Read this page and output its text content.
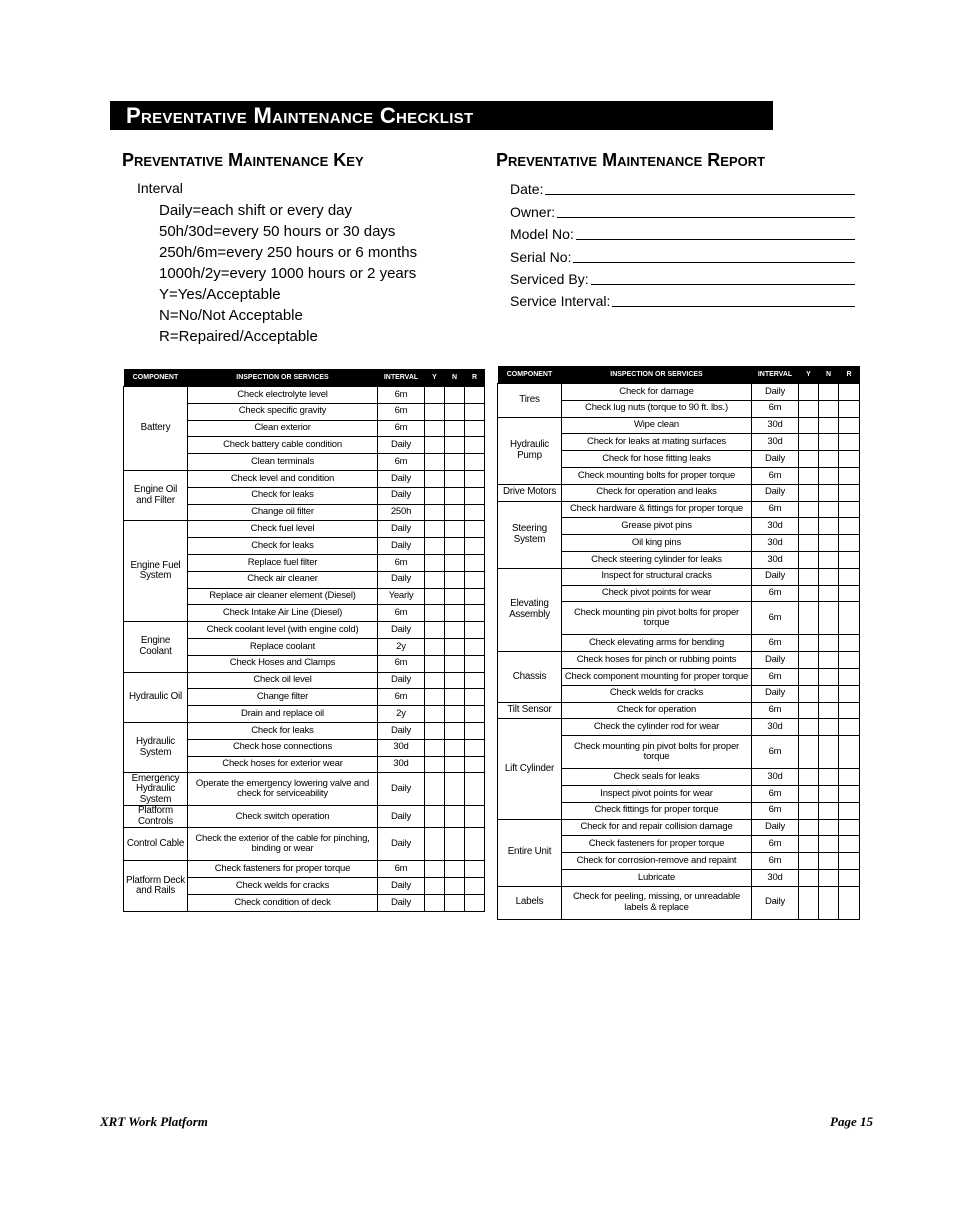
Preventative Maintenance Checklist
Preventative Maintenance Key
Interval
Daily=each shift or every day
50h/30d=every 50 hours or 30 days
250h/6m=every 250 hours or 6 months
1000h/2y=every 1000 hours or 2 years
Y=Yes/Acceptable
N=No/Not Acceptable
R=Repaired/Acceptable
Preventative Maintenance Report
Date:
Owner:
Model No:
Serial No:
Serviced By:
Service Interval:
COMPONENT	INSPECTION OR SERVICES	INTERVAL	Y	N	R
Battery	Check electrolyte level	6m			
	Check specific gravity	6m			
	Clean exterior	6m			
	Check battery cable condition	Daily			
	Clean terminals	6m			
Engine Oil and Filter	Check level and condition	Daily			
	Check for leaks	Daily			
	Change oil filter	250h			
Engine Fuel System	Check fuel level	Daily			
	Check for leaks	Daily			
	Replace fuel filter	6m			
	Check air cleaner	Daily			
	Replace air cleaner element (Diesel)	Yearly			
	Check Intake Air Line (Diesel)	6m			
Engine Coolant	Check coolant level (with engine cold)	Daily			
	Replace coolant	2y			
	Check Hoses and Clamps	6m			
Hydraulic Oil	Check oil level	Daily			
	Change filter	6m			
	Drain and replace oil	2y			
Hydraulic System	Check for leaks	Daily			
	Check hose connections	30d			
	Check hoses for exterior wear	30d			
Emergency Hydraulic System	Operate the emergency lowering valve and check for serviceability	Daily			
Platform Controls	Check switch operation	Daily			
Control Cable	Check the exterior of the cable for pinching, binding or wear	Daily			
Platform Deck and Rails	Check fasteners for proper torque	6m			
	Check welds for cracks	Daily			
	Check condition of deck	Daily			
COMPONENT	INSPECTION OR SERVICES	INTERVAL	Y	N	R
Tires	Check for damage	Daily			
	Check lug nuts (torque to 90 ft. lbs.)	6m			
Hydraulic Pump	Wipe clean	30d			
	Check for leaks at mating surfaces	30d			
	Check for hose fitting leaks	Daily			
	Check mounting bolts for proper torque	6m			
Drive Motors	Check for operation and leaks	Daily			
Steering System	Check hardware & fittings for proper torque	6m			
	Grease pivot pins	30d			
	Oil king pins	30d			
	Check steering cylinder for leaks	30d			
Elevating Assembly	Inspect for structural cracks	Daily			
	Check pivot points for wear	6m			
	Check mounting pin pivot bolts for proper torque	6m			
	Check elevating arms for bending	6m			
Chassis	Check hoses for pinch or rubbing points	Daily			
	Check component mounting for proper torque	6m			
	Check welds for cracks	Daily			
Tilt Sensor	Check for operation	6m			
Lift Cylinder	Check the cylinder rod for wear	30d			
	Check mounting pin pivot bolts for proper torque	6m			
	Check seals for leaks	30d			
	Inspect pivot points for wear	6m			
	Check fittings for proper torque	6m			
Entire Unit	Check for and repair collision damage	Daily			
	Check fasteners for proper torque	6m			
	Check for corrosion-remove and repaint	6m			
	Lubricate	30d			
Labels	Check for peeling, missing, or unreadable labels & replace	Daily			
XRT Work Platform	Page 15
